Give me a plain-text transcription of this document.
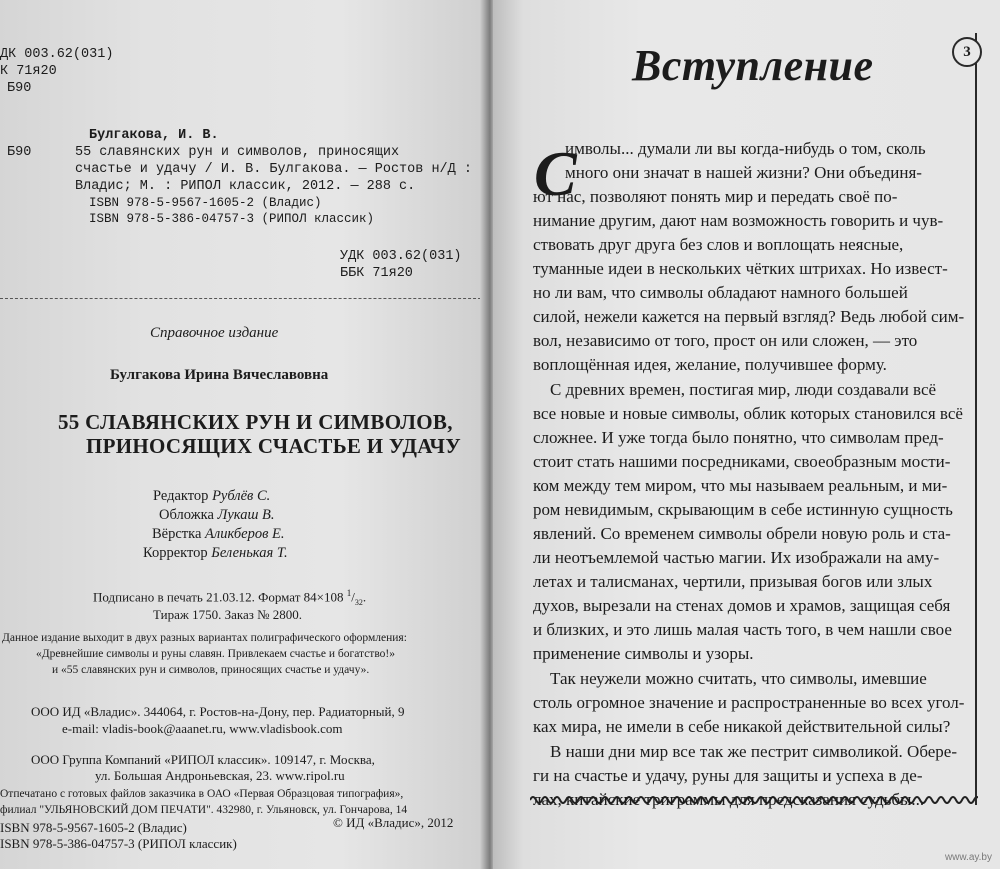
ДК 003.62(031)
К 71я20
Б90
Булгакова, И. В.
Б90	55 славянских рун и символов, приносящих
счастье и удачу / И. В. Булгакова. — Ростов н/Д :
Владис; М. : РИПОЛ классик, 2012. — 288 с.
ISBN 978-5-9567-1605-2 (Владис)
ISBN 978-5-386-04757-3 (РИПОЛ классик)
УДК 003.62(031)
ББК 71я20
Справочное издание
Булгакова Ирина Вячеславовна
55 СЛАВЯНСКИХ РУН И СИМВОЛОВ,
ПРИНОСЯЩИХ СЧАСТЬЕ И УДАЧУ
Редактор Рублёв С.
Обложка Лукаш В.
Вёрстка Аликберов Е.
Корректор Беленькая Т.
Подписано в печать 21.03.12. Формат 84×108 $^1/_{32}$.
Тираж 1750. Заказ № 2800.
Данное издание выходит в двух разных вариантах полиграфического оформления:
«Древнейшие символы и руны славян. Привлекаем счастье и богатство!»
и «55 славянских рун и символов, приносящих счастье и удачу».
ООО ИД «Владис». 344064, г. Ростов-на-Дону, пер. Радиаторный, 9
e-mail: vladis-book@aaanet.ru, www.vladisbook.com
ООО Группа Компаний «РИПОЛ классик». 109147, г. Москва,
ул. Большая Андроньевская, 23. www.ripol.ru
Отпечатано с готовых файлов заказчика в ОАО «Первая Образцовая типография»,
филиал "УЛЬЯНОВСКИЙ ДОМ ПЕЧАТИ". 432980, г. Ульяновск, ул. Гончарова, 14
ISBN 978-5-9567-1605-2 (Владис)
ISBN 978-5-386-04757-3 (РИПОЛ классик)
© ИД «Владис», 2012
3
Вступление
С
имволы... думали ли вы когда-нибудь о том, сколь
много они значат в нашей жизни? Они объединя-
ют нас, позволяют понять мир и передать своё по-
нимание другим, дают нам возможность говорить и чув-
ствовать друг друга без слов и воплощать неясные,
туманные идеи в нескольких чётких штрихах. Но извест-
но ли вам, что символы обладают намного большей
силой, нежели кажется на первый взгляд? Ведь любой сим-
вол, независимо от того, прост он или сложен, — это
воплощённая идея, желание, получившее форму.
С древних времен, постигая мир, люди создавали всё
все новые и новые символы, облик которых становился всё
сложнее. И уже тогда было понятно, что символам пред-
стоит стать нашими посредниками, своеобразным мости-
ком между тем миром, что мы называем реальным, и ми-
ром невидимым, скрывающим в себе истинную сущность
явлений. Со временем символы обрели новую роль и ста-
ли неотъемлемой частью магии. Их изображали на аму-
летах и талисманах, чертили, призывая богов или злых
духов, вырезали на стенах домов и храмов, защищая себя
и близких, и это лишь малая часть того, в чем нашли свое
применение символы и узоры.
Так неужели можно считать, что символы, имевшие
столь огромное значение и распространенные во всех угол-
ках мира, не имели в себе никакой действительной силы?
В наши дни мир все так же пестрит символикой. Обере-
ги на счастье и удачу, руны для защиты и успеха в де-
лах, китайские триграммы для предсказания судьбы...
www.ay.by
